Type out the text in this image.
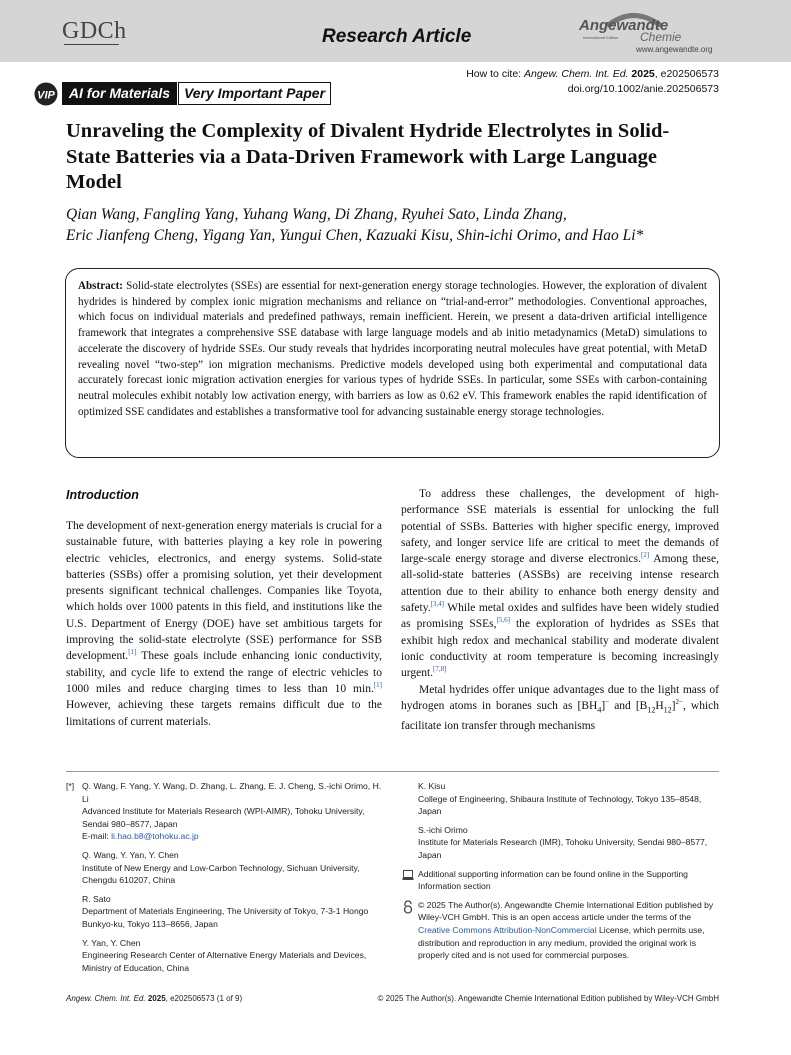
GDCh	Research Article
Angewandte
International Edition Chemie
www.angewandte.org
How to cite: Angew. Chem. Int. Ed. 2025, e202506573
doi.org/10.1002/anie.202506573
VIP	AI for Materials Very Important Paper
Unraveling the Complexity of Divalent Hydride Electrolytes in Solid-State Batteries via a Data-Driven Framework with Large Language Model
Qian Wang, Fangling Yang, Yuhang Wang, Di Zhang, Ryuhei Sato, Linda Zhang,
Eric Jianfeng Cheng, Yigang Yan, Yungui Chen, Kazuaki Kisu, Shin-ichi Orimo, and Hao Li*
Abstract: Solid-state electrolytes (SSEs) are essential for next-generation energy storage technologies. However, the exploration of divalent hydrides is hindered by complex ionic migration mechanisms and reliance on “trial-and-error” methodologies. Conventional approaches, which focus on individual materials and predefined pathways, remain inefficient. Herein, we present a data-driven artificial intelligence framework that integrates a comprehensive SSE database with large language models and ab initio metadynamics (MetaD) simulations to accelerate the discovery of hydride SSEs. Our study reveals that hydrides incorporating neutral molecules have great potential, with MetaD revealing novel “two-step” ion migration mechanisms. Predictive models developed using both experimental and computational data accurately forecast ionic migration activation energies for various types of hydride SSEs. In particular, some SSEs with carbon-containing neutral molecules exhibit notably low activation energy, with barriers as low as 0.62 eV. This framework enables the rapid identification of optimized SSE candidates and establishes a transformative tool for advancing sustainable energy storage technologies.
Introduction

The development of next-generation energy materials is crucial for a sustainable future, with batteries playing a key role in powering electric vehicles, electronics, and energy systems. Solid-state batteries (SSBs) offer a promising solution, yet their development presents significant technical challenges. Companies like Toyota, which holds over 1000 patents in this field, and institutions like the U.S. Department of Energy (DOE) have set ambitious targets for improving the solid-state electrolyte (SSE) performance for SSB development.[1] These goals include enhancing ionic conductivity, stability, and cycle life to extend the range of electric vehicles to 1000 miles and reduce charging times to less than 10 min.[1] However, achieving these targets remains difficult due to the limitations of current materials.

To address these challenges, the development of high-performance SSE materials is essential for unlocking the full potential of SSBs. Batteries with higher specific energy, improved safety, and longer service life are critical to meet the demands of large-scale energy storage and diverse electronics.[2] Among these, all-solid-state batteries (ASSBs) are receiving intense research attention due to their ability to enhance both energy density and safety.[3,4] While metal oxides and sulfides have been widely studied as promising SSEs,[5,6] the exploration of hydrides as SSEs that exhibit high redox and mechanical stability and moderate divalent ionic conductivity at room temperature is becoming increasingly urgent.[7,8]

Metal hydrides offer unique advantages due to the light mass of hydrogen atoms in boranes such as $[BH_4]^-$ and $[B_{12}H_{12}]^{2-}$, which facilitate ion transfer through mechanisms

[*] Q. Wang, F. Yang, Y. Wang, D. Zhang, L. Zhang, E. J. Cheng, S.-ichi Orimo, H. Li
Advanced Institute for Materials Research (WPI-AIMR), Tohoku University, Sendai 980–8577, Japan
E-mail: li.hao.b8@tohoku.ac.jp
Q. Wang, Y. Yan, Y. Chen
Institute of New Energy and Low-Carbon Technology, Sichuan University, Chengdu 610207, China
R. Sato
Department of Materials Engineering, The University of Tokyo, 7-3-1 Hongo Bunkyo-ku, Tokyo 113–8656, Japan
Y. Yan, Y. Chen
Engineering Research Center of Alternative Energy Materials and Devices, Ministry of Education, China
K. Kisu
College of Engineering, Shibaura Institute of Technology, Tokyo 135–8548, Japan
S.-ichi Orimo
Institute for Materials Research (IMR), Tohoku University, Sendai 980–8577, Japan
Additional supporting information can be found online in the Supporting Information section
© 2025 The Author(s). Angewandte Chemie International Edition published by Wiley-VCH GmbH. This is an open access article under the terms of the Creative Commons Attribution-NonCommercial License, which permits use, distribution and reproduction in any medium, provided the original work is properly cited and is not used for commercial purposes.
Angew. Chem. Int. Ed. 2025, e202506573 (1 of 9)	© 2025 The Author(s). Angewandte Chemie International Edition published by Wiley-VCH GmbH
